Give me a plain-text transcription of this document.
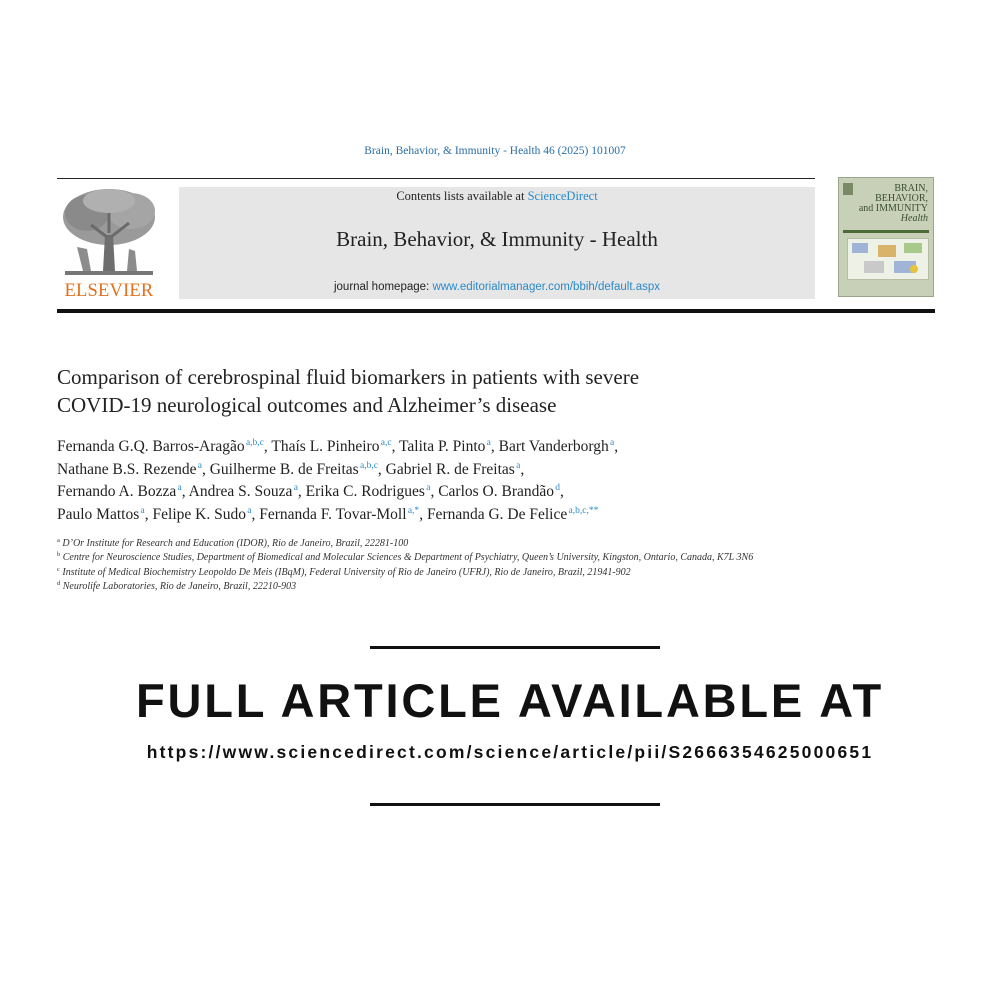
Brain, Behavior, & Immunity - Health 46 (2025) 101007
ELSEVIER
Contents lists available at ScienceDirect
Brain, Behavior, & Immunity - Health
journal homepage: www.editorialmanager.com/bbih/default.aspx
BRAIN,
BEHAVIOR,
and IMMUNITY
Health
Comparison of cerebrospinal fluid biomarkers in patients with severe
COVID-19 neurological outcomes and Alzheimer’s disease
Fernanda G.Q. Barros-Aragão $^{a,b,c}$, Thaís L. Pinheiro $^{a,c}$, Talita P. Pinto $^a$, Bart Vanderborgh $^a$,
Nathane B.S. Rezende $^a$, Guilherme B. de Freitas $^{a,b,c}$, Gabriel R. de Freitas $^a$,
Fernando A. Bozza $^a$, Andrea S. Souza $^a$, Erika C. Rodrigues $^a$, Carlos O. Brandão $^d$,
Paulo Mattos $^a$, Felipe K. Sudo $^a$, Fernanda F. Tovar-Moll $^{a,*}$, Fernanda G. De Felice $^{a,b,c,**}$
$^a$ D’Or Institute for Research and Education (IDOR), Rio de Janeiro, Brazil, 22281-100
$^b$ Centre for Neuroscience Studies, Department of Biomedical and Molecular Sciences & Department of Psychiatry, Queen’s University, Kingston, Ontario, Canada, K7L 3N6
$^c$ Institute of Medical Biochemistry Leopoldo De Meis (IBqM), Federal University of Rio de Janeiro (UFRJ), Rio de Janeiro, Brazil, 21941-902
$^d$ Neurolife Laboratories, Rio de Janeiro, Brazil, 22210-903
FULL ARTICLE AVAILABLE AT
https://www.sciencedirect.com/science/article/pii/S2666354625000651
